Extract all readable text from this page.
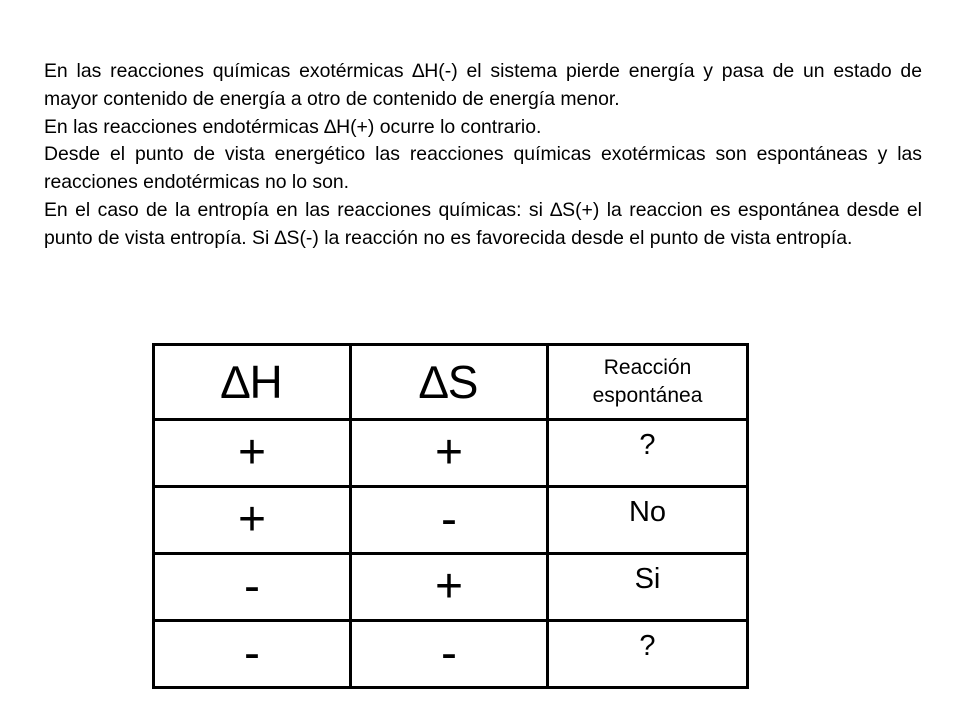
En las reacciones químicas exotérmicas ∆H(-) el sistema pierde energía y pasa de un estado de mayor contenido de energía a otro de contenido de energía menor.

En las reacciones endotérmicas ∆H(+) ocurre lo contrario.

Desde el punto de vista energético las reacciones químicas exotérmicas son espontáneas y las reacciones endotérmicas no lo son.

En el caso de la entropía en las reacciones químicas: si ∆S(+) la reaccion es espontánea desde el punto de vista entropía. Si ∆S(-) la reacción no es favorecida desde el punto de vista entropía.

∆H	∆S	Reacción espontánea
+	+	?
+	-	No
-	+	Si
-	-	?
